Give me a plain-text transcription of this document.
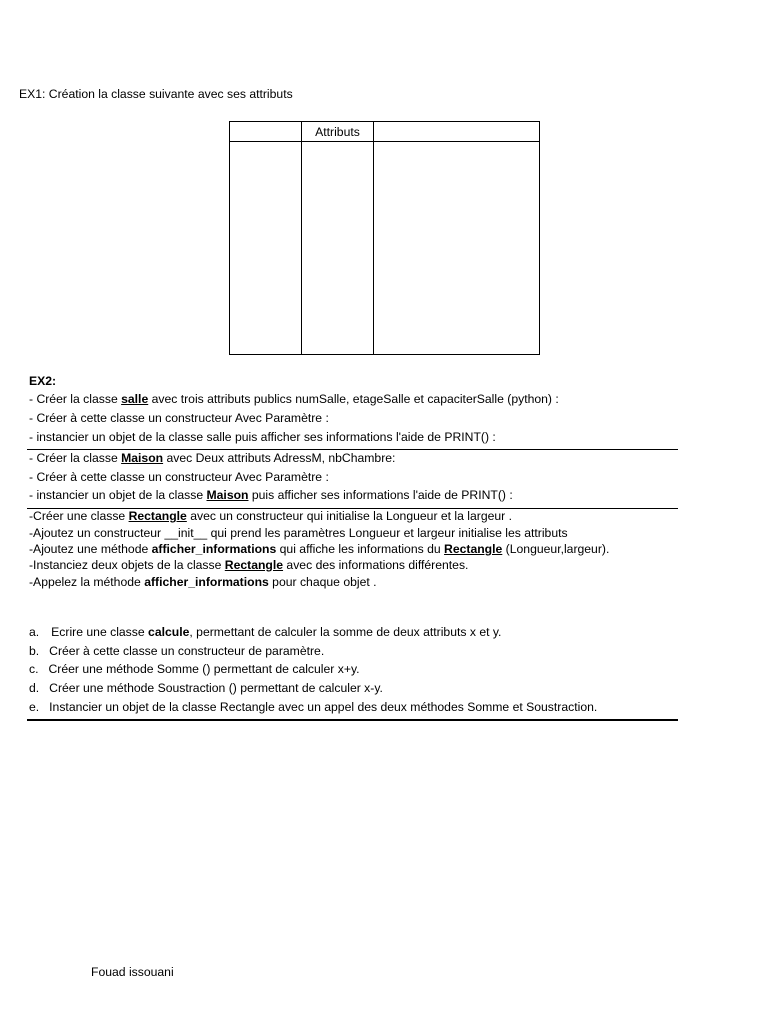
EX1: Création la classe suivante avec ses attributs
	Attributs	

EX2:
- Créer la classe salle avec trois attributs publics numSalle, etageSalle et capaciterSalle (python) :
- Créer à cette classe un constructeur Avec Paramètre :
- instancier un objet de la classe salle puis afficher ses informations l'aide de PRINT() :
- Créer la classe Maison avec Deux attributs AdressM, nbChambre:
- Créer à cette classe un constructeur Avec Paramètre :
- instancier un objet de la classe Maison puis afficher ses informations l'aide de PRINT() :
-Créer une classe Rectangle avec un constructeur qui initialise la Longueur et la largeur .
-Ajoutez un constructeur __init__ qui prend les paramètres Longueur et largeur initialise les attributs
-Ajoutez une méthode afficher_informations qui affiche les informations du Rectangle (Longueur,largeur).
-Instanciez deux objets de la classe Rectangle avec des informations différentes.
-Appelez la méthode afficher_informations pour chaque objet .
a. Ecrire une classe calcule, permettant de calculer la somme de deux attributs x et y.
b. Créer à cette classe un constructeur de paramètre.
c. Créer une méthode Somme () permettant de calculer x+y.
d. Créer une méthode Soustraction () permettant de calculer x-y.
e. Instancier un objet de la classe Rectangle avec un appel des deux méthodes Somme et Soustraction.
Fouad issouani
